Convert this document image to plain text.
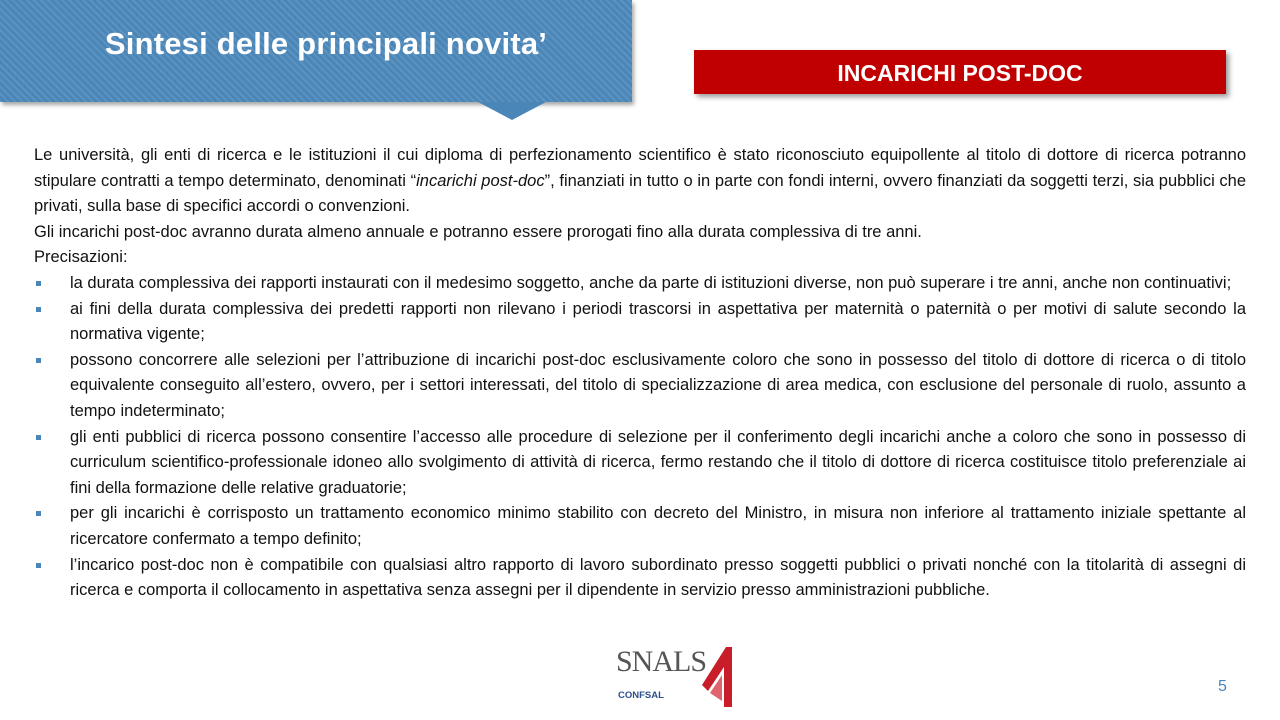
Sintesi delle principali novita’
INCARICHI POST-DOC

Le università, gli enti di ricerca e le istituzioni il cui diploma di perfezionamento scientifico è stato riconosciuto equipollente al titolo di dottore di ricerca potranno stipulare contratti a tempo determinato, denominati “incarichi post-doc”, finanziati in tutto o in parte con fondi interni, ovvero finanziati da soggetti terzi, sia pubblici che privati, sulla base di specifici accordi o convenzioni.

Gli incarichi post-doc avranno durata almeno annuale e potranno essere prorogati fino alla durata complessiva di tre anni.

Precisazioni:

la durata complessiva dei rapporti instaurati con il medesimo soggetto, anche da parte di istituzioni diverse, non può superare i tre anni, anche non continuativi;
ai fini della durata complessiva dei predetti rapporti non rilevano i periodi trascorsi in aspettativa per maternità o paternità o per motivi di salute secondo la normativa vigente;
possono concorrere alle selezioni per l’attribuzione di incarichi post-doc esclusivamente coloro che sono in possesso del titolo di dottore di ricerca o di titolo equivalente conseguito all’estero, ovvero, per i settori interessati, del titolo di specializzazione di area medica, con esclusione del personale di ruolo, assunto a tempo indeterminato;
gli enti pubblici di ricerca possono consentire l’accesso alle procedure di selezione per il conferimento degli incarichi anche a coloro che sono in possesso di curriculum scientifico-professionale idoneo allo svolgimento di attività di ricerca, fermo restando che il titolo di dottore di ricerca costituisce titolo preferenziale ai fini della formazione delle relative graduatorie;
per gli incarichi è corrisposto un trattamento economico minimo stabilito con decreto del Ministro, in misura non inferiore al trattamento iniziale spettante al ricercatore confermato a tempo definito;
l’incarico post-doc non è compatibile con qualsiasi altro rapporto di lavoro subordinato presso soggetti pubblici o privati nonché con la titolarità di assegni di ricerca e comporta il collocamento in aspettativa senza assegni per il dipendente in servizio presso amministrazioni pubbliche.
SNALS
CONFSAL
5
